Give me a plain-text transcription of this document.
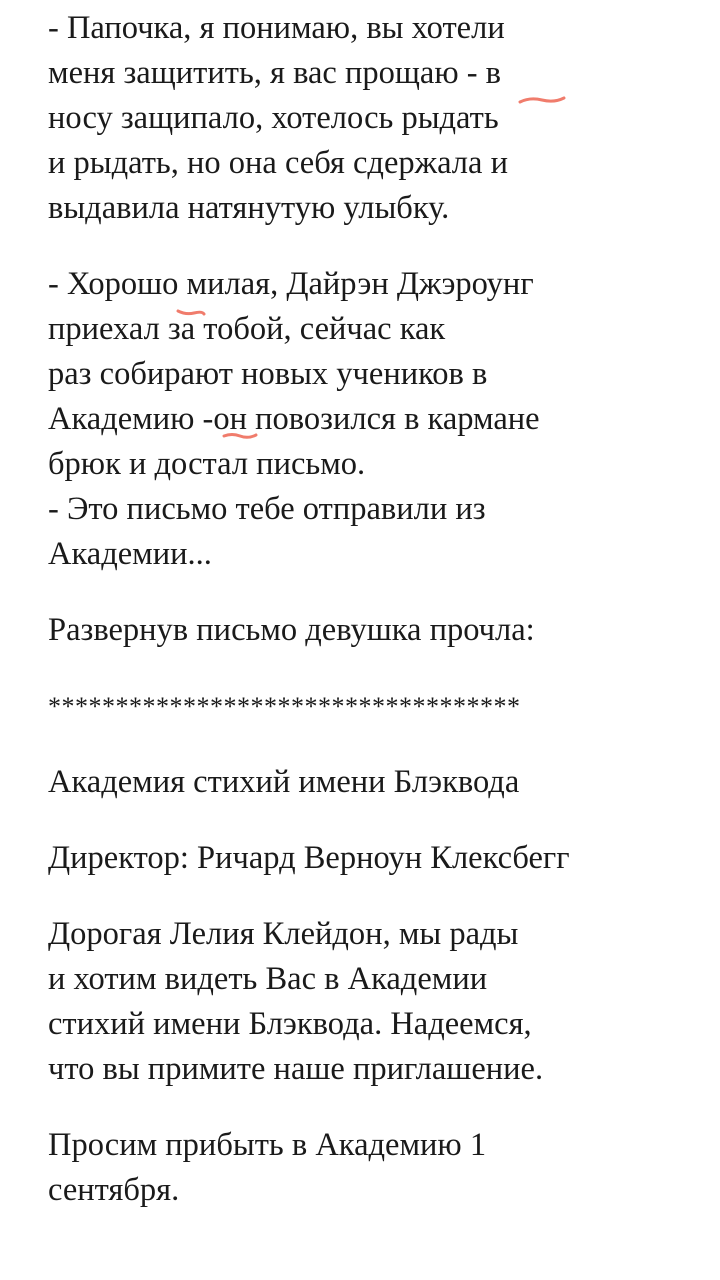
- Папочка, я понимаю, вы хотели
меня защитить, я вас прощаю - в
носу защипало, хотелось рыдать
и рыдать, но она себя сдержала и
выдавила натянутую улыбку.
- Хорошо милая, Дайрэн Джэроунг
приехал за тобой, сейчас как
раз собирают новых учеников в
Академию -он повозился в кармане
брюк и достал письмо.
- Это письмо тебе отправили из
Академии...
Развернув письмо девушка прочла:
***********************************
Академия стихий имени Блэквода
Директор: Ричард Верноун Клексбегг
Дорогая Лелия Клейдон, мы рады
и хотим видеть Вас в Академии
стихий имени Блэквода. Надеемся,
что вы примите наше приглашение.
Просим прибыть в Академию 1
сентября.
